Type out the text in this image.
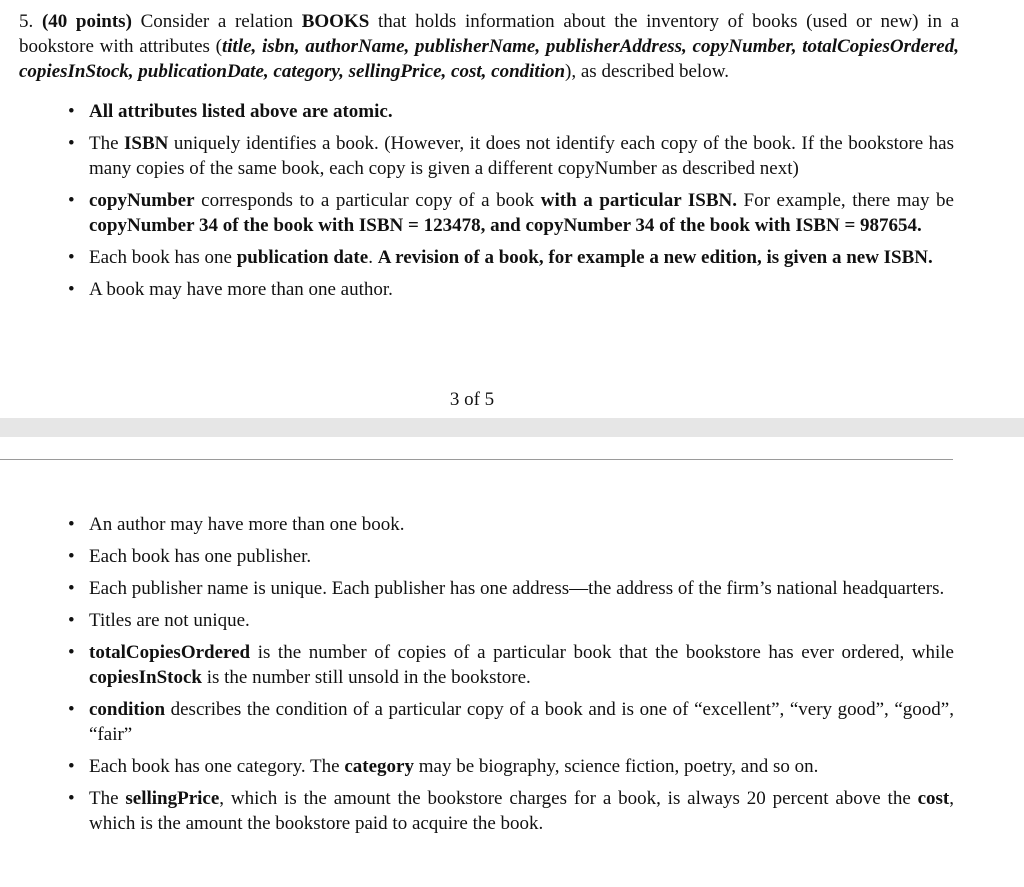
5. (40 points) Consider a relation BOOKS that holds information about the inventory of books (used or new) in a bookstore with attributes (title, isbn, authorName, publisherName, publisherAddress, copyNumber, totalCopiesOrdered, copiesInStock, publicationDate, category, sellingPrice, cost, condition), as described below.

• All attributes listed above are atomic.
• The ISBN uniquely identifies a book. (However, it does not identify each copy of the book. If the bookstore has many copies of the same book, each copy is given a different copyNumber as described next)
• copyNumber corresponds to a particular copy of a book with a particular ISBN. For example, there may be copyNumber 34 of the book with ISBN = 123478, and copyNumber 34 of the book with ISBN = 987654.
• Each book has one publication date. A revision of a book, for example a new edition, is given a new ISBN.
• A book may have more than one author.
3 of 5
• An author may have more than one book.
• Each book has one publisher.
• Each publisher name is unique. Each publisher has one address—the address of the firm’s national headquarters.
• Titles are not unique.
• totalCopiesOrdered is the number of copies of a particular book that the bookstore has ever ordered, while copiesInStock is the number still unsold in the bookstore.
• condition describes the condition of a particular copy of a book and is one of “excellent”, “very good”, “good”, “fair”
• Each book has one category. The category may be biography, science fiction, poetry, and so on.
• The sellingPrice, which is the amount the bookstore charges for a book, is always 20 percent above the cost, which is the amount the bookstore paid to acquire the book.
